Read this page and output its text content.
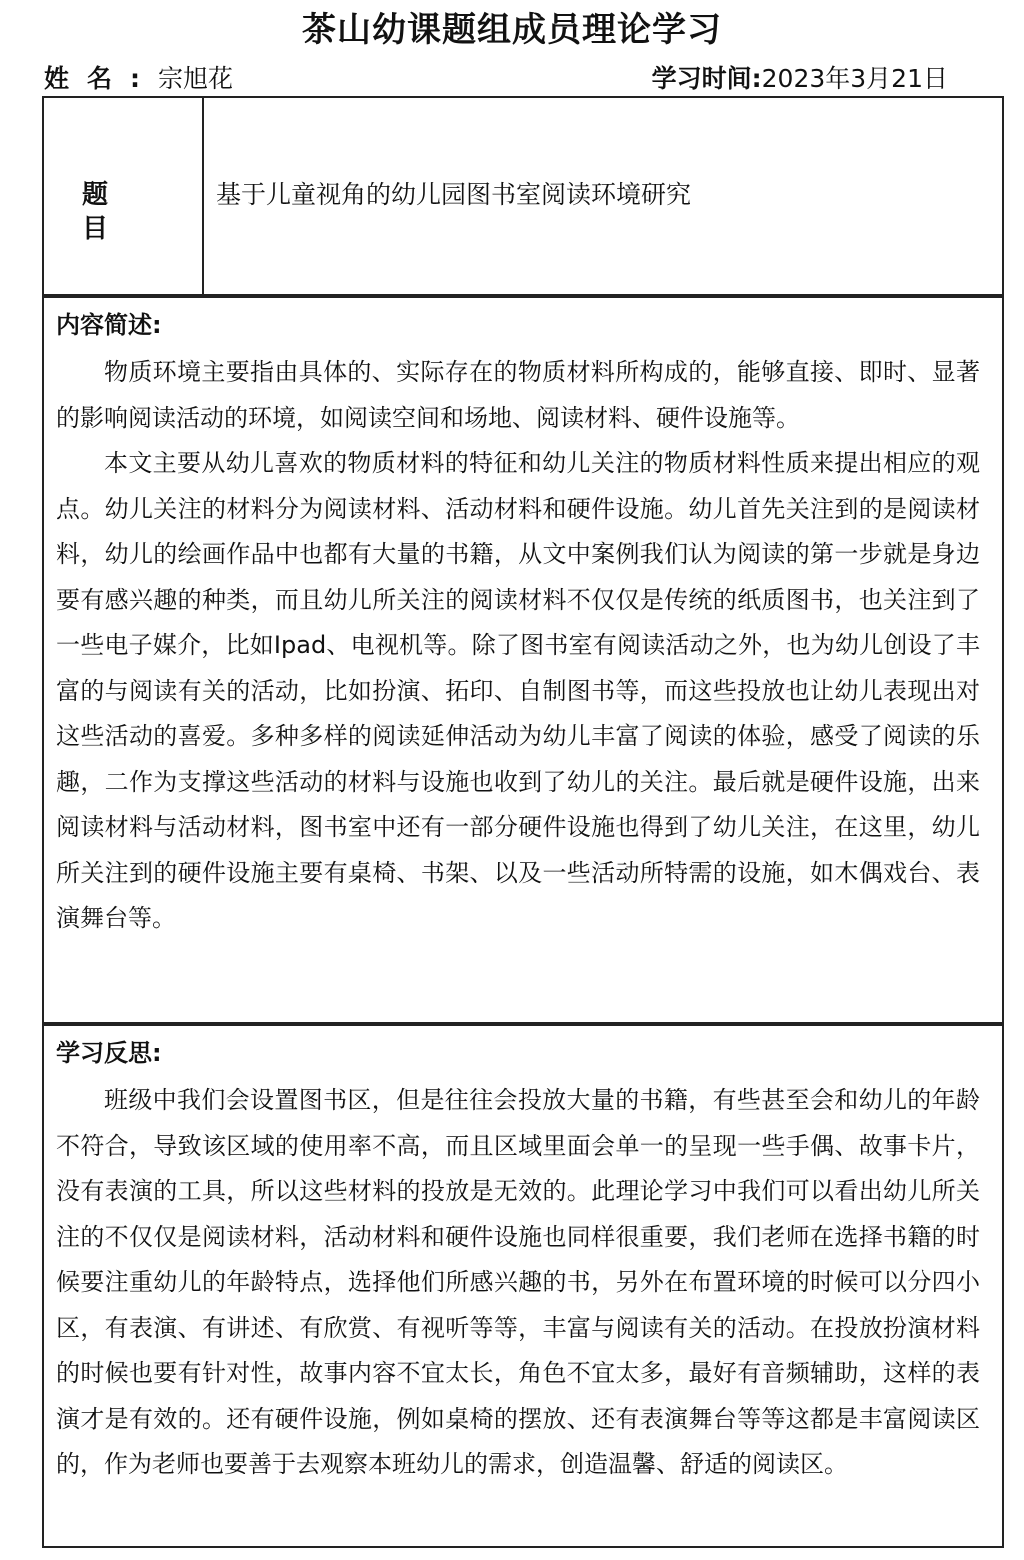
茶山幼课题组成员理论学习
姓名:宗旭花	学习时间:2023年3月21日
题目
基于儿童视角的幼儿园图书室阅读环境研究
内容简述:

物质环境主要指由具体的、实际存在的物质材料所构成的，能够直接、即时、显著的影响阅读活动的环境，如阅读空间和场地、阅读材料、硬件设施等。

本文主要从幼儿喜欢的物质材料的特征和幼儿关注的物质材料性质来提出相应的观点。幼儿关注的材料分为阅读材料、活动材料和硬件设施。幼儿首先关注到的是阅读材料，幼儿的绘画作品中也都有大量的书籍，从文中案例我们认为阅读的第一步就是身边要有感兴趣的种类，而且幼儿所关注的阅读材料不仅仅是传统的纸质图书，也关注到了一些电子媒介，比如Ipad、电视机等。除了图书室有阅读活动之外，也为幼儿创设了丰富的与阅读有关的活动，比如扮演、拓印、自制图书等，而这些投放也让幼儿表现出对这些活动的喜爱。多种多样的阅读延伸活动为幼儿丰富了阅读的体验，感受了阅读的乐趣，二作为支撑这些活动的材料与设施也收到了幼儿的关注。最后就是硬件设施，出来阅读材料与活动材料，图书室中还有一部分硬件设施也得到了幼儿关注，在这里，幼儿所关注到的硬件设施主要有桌椅、书架、以及一些活动所特需的设施，如木偶戏台、表演舞台等。

学习反思:

班级中我们会设置图书区，但是往往会投放大量的书籍，有些甚至会和幼儿的年龄不符合，导致该区域的使用率不高，而且区域里面会单一的呈现一些手偶、故事卡片，没有表演的工具，所以这些材料的投放是无效的。此理论学习中我们可以看出幼儿所关注的不仅仅是阅读材料，活动材料和硬件设施也同样很重要，我们老师在选择书籍的时候要注重幼儿的年龄特点，选择他们所感兴趣的书，另外在布置环境的时候可以分四小区，有表演、有讲述、有欣赏、有视听等等，丰富与阅读有关的活动。在投放扮演材料的时候也要有针对性，故事内容不宜太长，角色不宜太多，最好有音频辅助，这样的表演才是有效的。还有硬件设施，例如桌椅的摆放、还有表演舞台等等这都是丰富阅读区的，作为老师也要善于去观察本班幼儿的需求，创造温馨、舒适的阅读区。
